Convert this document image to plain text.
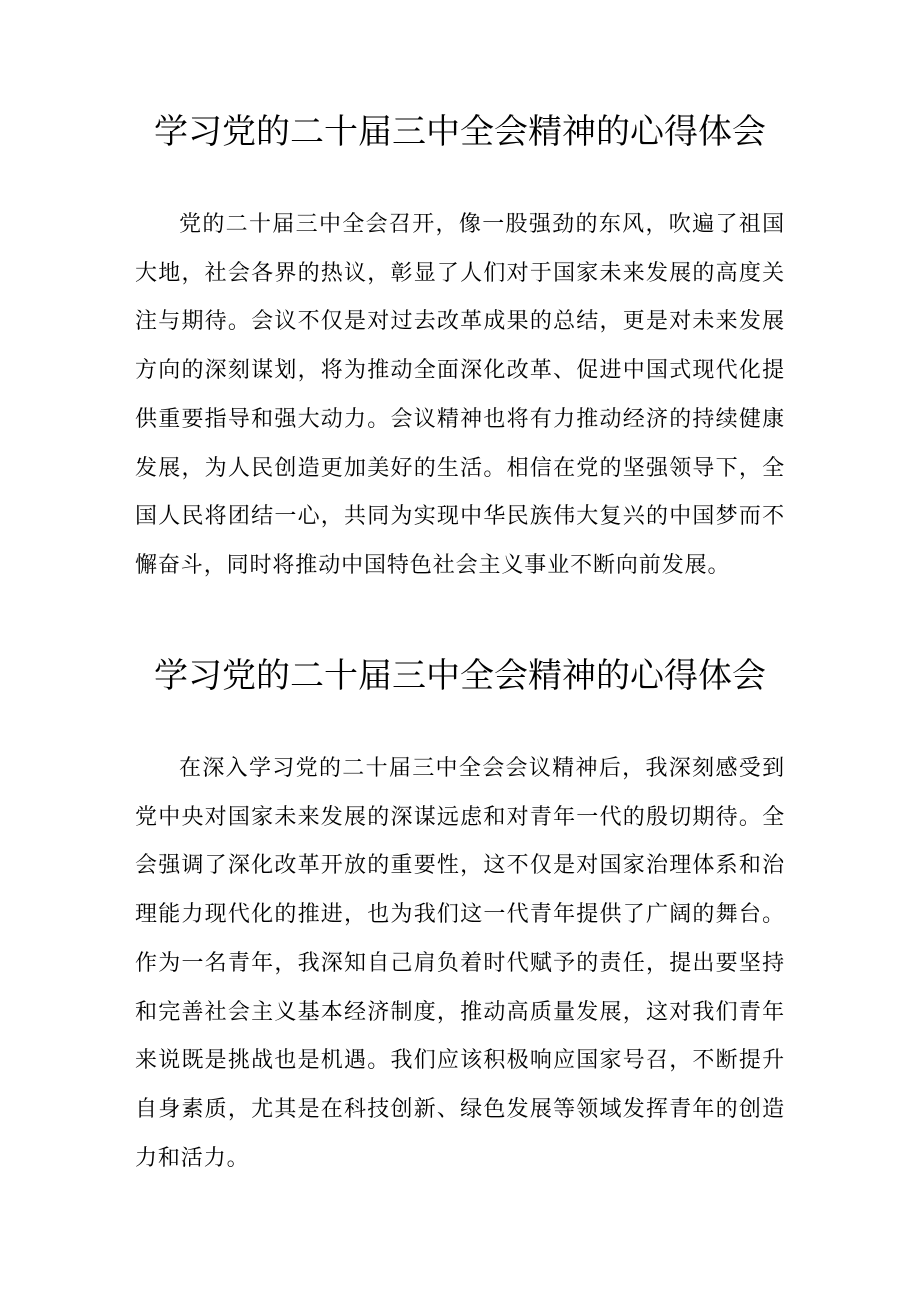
学习党的二十届三中全会精神的心得体会

党的二十届三中全会召开，像一股强劲的东风，吹遍了祖国大地，社会各界的热议，彰显了人们对于国家未来发展的高度关注与期待。会议不仅是对过去改革成果的总结，更是对未来发展方向的深刻谋划，将为推动全面深化改革、促进中国式现代化提供重要指导和强大动力。会议精神也将有力推动经济的持续健康发展，为人民创造更加美好的生活。相信在党的坚强领导下，全国人民将团结一心，共同为实现中华民族伟大复兴的中国梦而不懈奋斗，同时将推动中国特色社会主义事业不断向前发展。

学习党的二十届三中全会精神的心得体会

在深入学习党的二十届三中全会会议精神后，我深刻感受到党中央对国家未来发展的深谋远虑和对青年一代的殷切期待。全会强调了深化改革开放的重要性，这不仅是对国家治理体系和治理能力现代化的推进，也为我们这一代青年提供了广阔的舞台。作为一名青年，我深知自己肩负着时代赋予的责任，提出要坚持和完善社会主义基本经济制度，推动高质量发展，这对我们青年来说既是挑战也是机遇。我们应该积极响应国家号召，不断提升自身素质，尤其是在科技创新、绿色发展等领域发挥青年的创造力和活力。
